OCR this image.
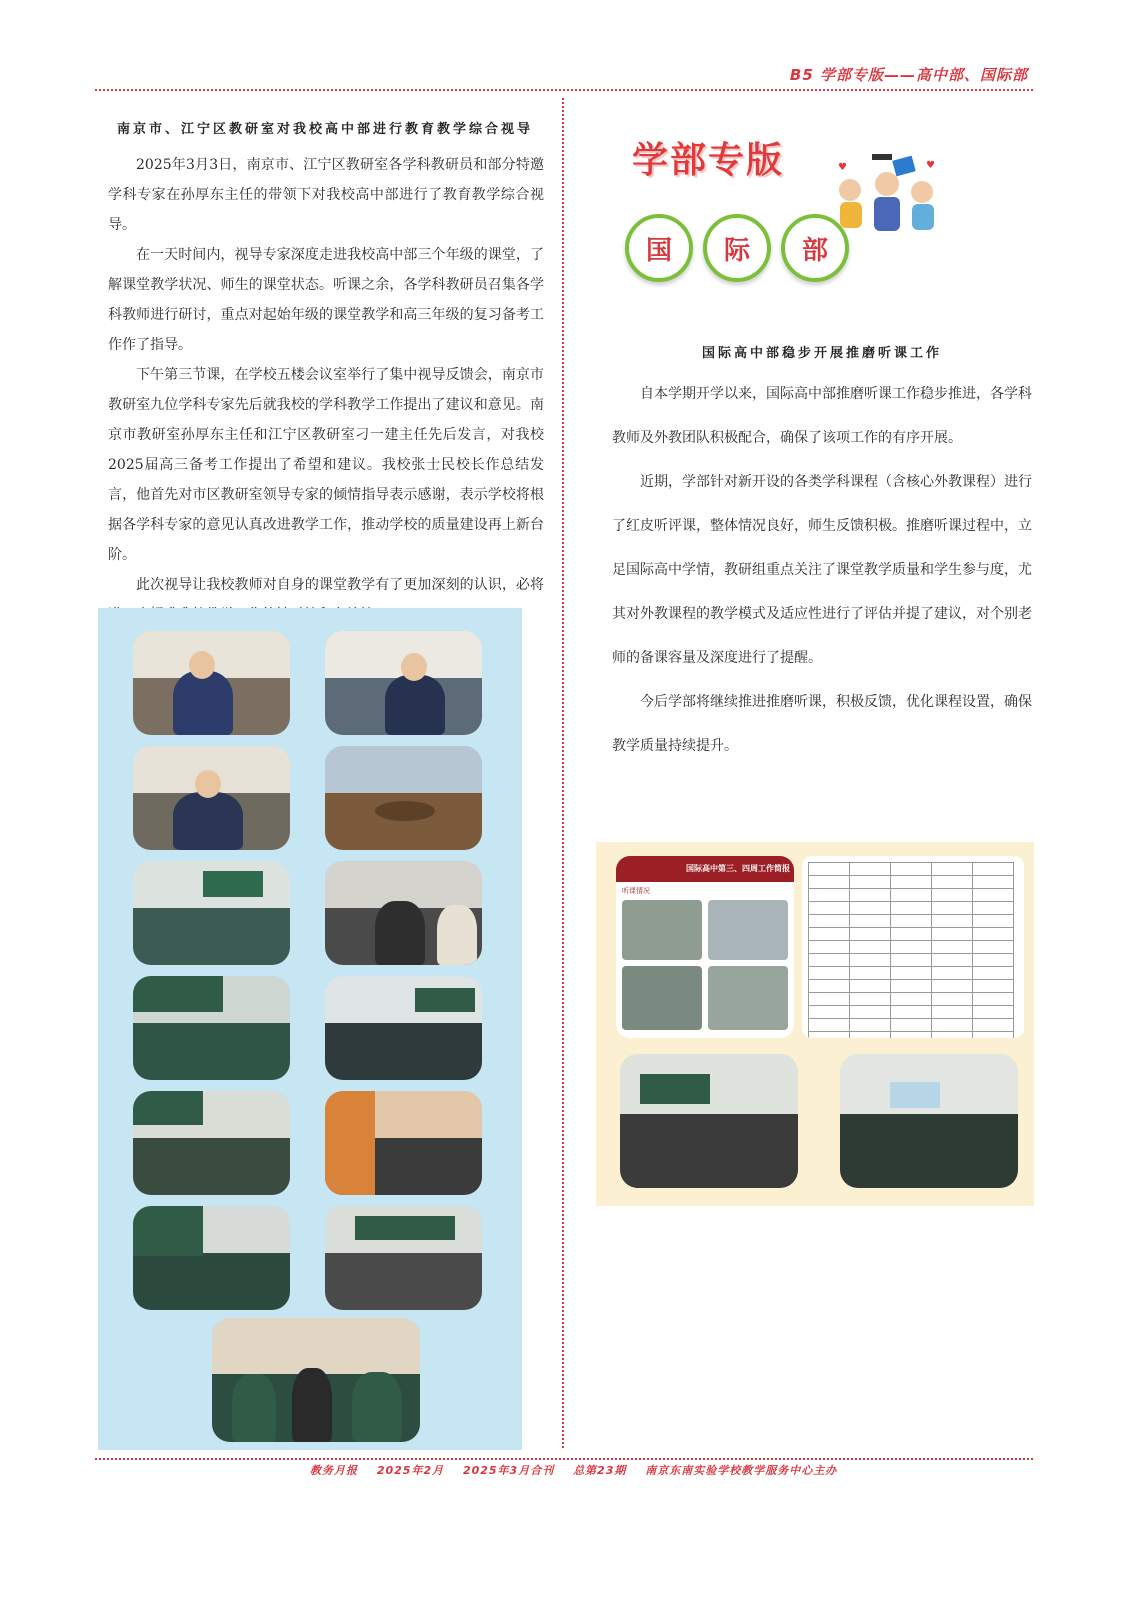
B5 学部专版——高中部、国际部
南京市、江宁区教研室对我校高中部进行教育教学综合视导

2025年3月3日，南京市、江宁区教研室各学科教研员和部分特邀学科专家在孙厚东主任的带领下对我校高中部进行了教育教学综合视导。

在一天时间内，视导专家深度走进我校高中部三个年级的课堂，了解课堂教学状况、师生的课堂状态。听课之余，各学科教研员召集各学科教师进行研讨，重点对起始年级的课堂教学和高三年级的复习备考工作作了指导。

下午第三节课，在学校五楼会议室举行了集中视导反馈会，南京市教研室九位学科专家先后就我校的学科教学工作提出了建议和意见。南京市教研室孙厚东主任和江宁区教研室刁一建主任先后发言，对我校2025届高三备考工作提出了希望和建议。我校张士民校长作总结发言，他首先对市区教研室领导专家的倾情指导表示感谢，表示学校将根据各学科专家的意见认真改进教学工作，推动学校的质量建设再上新台阶。

此次视导让我校教师对自身的课堂教学有了更加深刻的认识，必将

学部专版
国	际	部
♥	♥
国际高中部稳步开展推磨听课工作

自本学期开学以来，国际高中部推磨听课工作稳步推进，各学科教师及外教团队积极配合，确保了该项工作的有序开展。

近期，学部针对新开设的各类学科课程（含核心外教课程）进行了红皮听评课，整体情况良好，师生反馈积极。推磨听课过程中，立足国际高中学情，教研组重点关注了课堂教学质量和学生参与度，尤其对外教课程的教学模式及适应性进行了评估并提了建议，对个别老师的备课容量及深度进行了提醒。

今后学部将继续推进推磨听课，积极反馈，优化课程设置，确保教学质量持续提升。

国际高中第三、四周工作简报
听课情况

教务月报 2025年2月 2025年3月合刊 总第23期 南京东南实验学校教学服务中心主办
